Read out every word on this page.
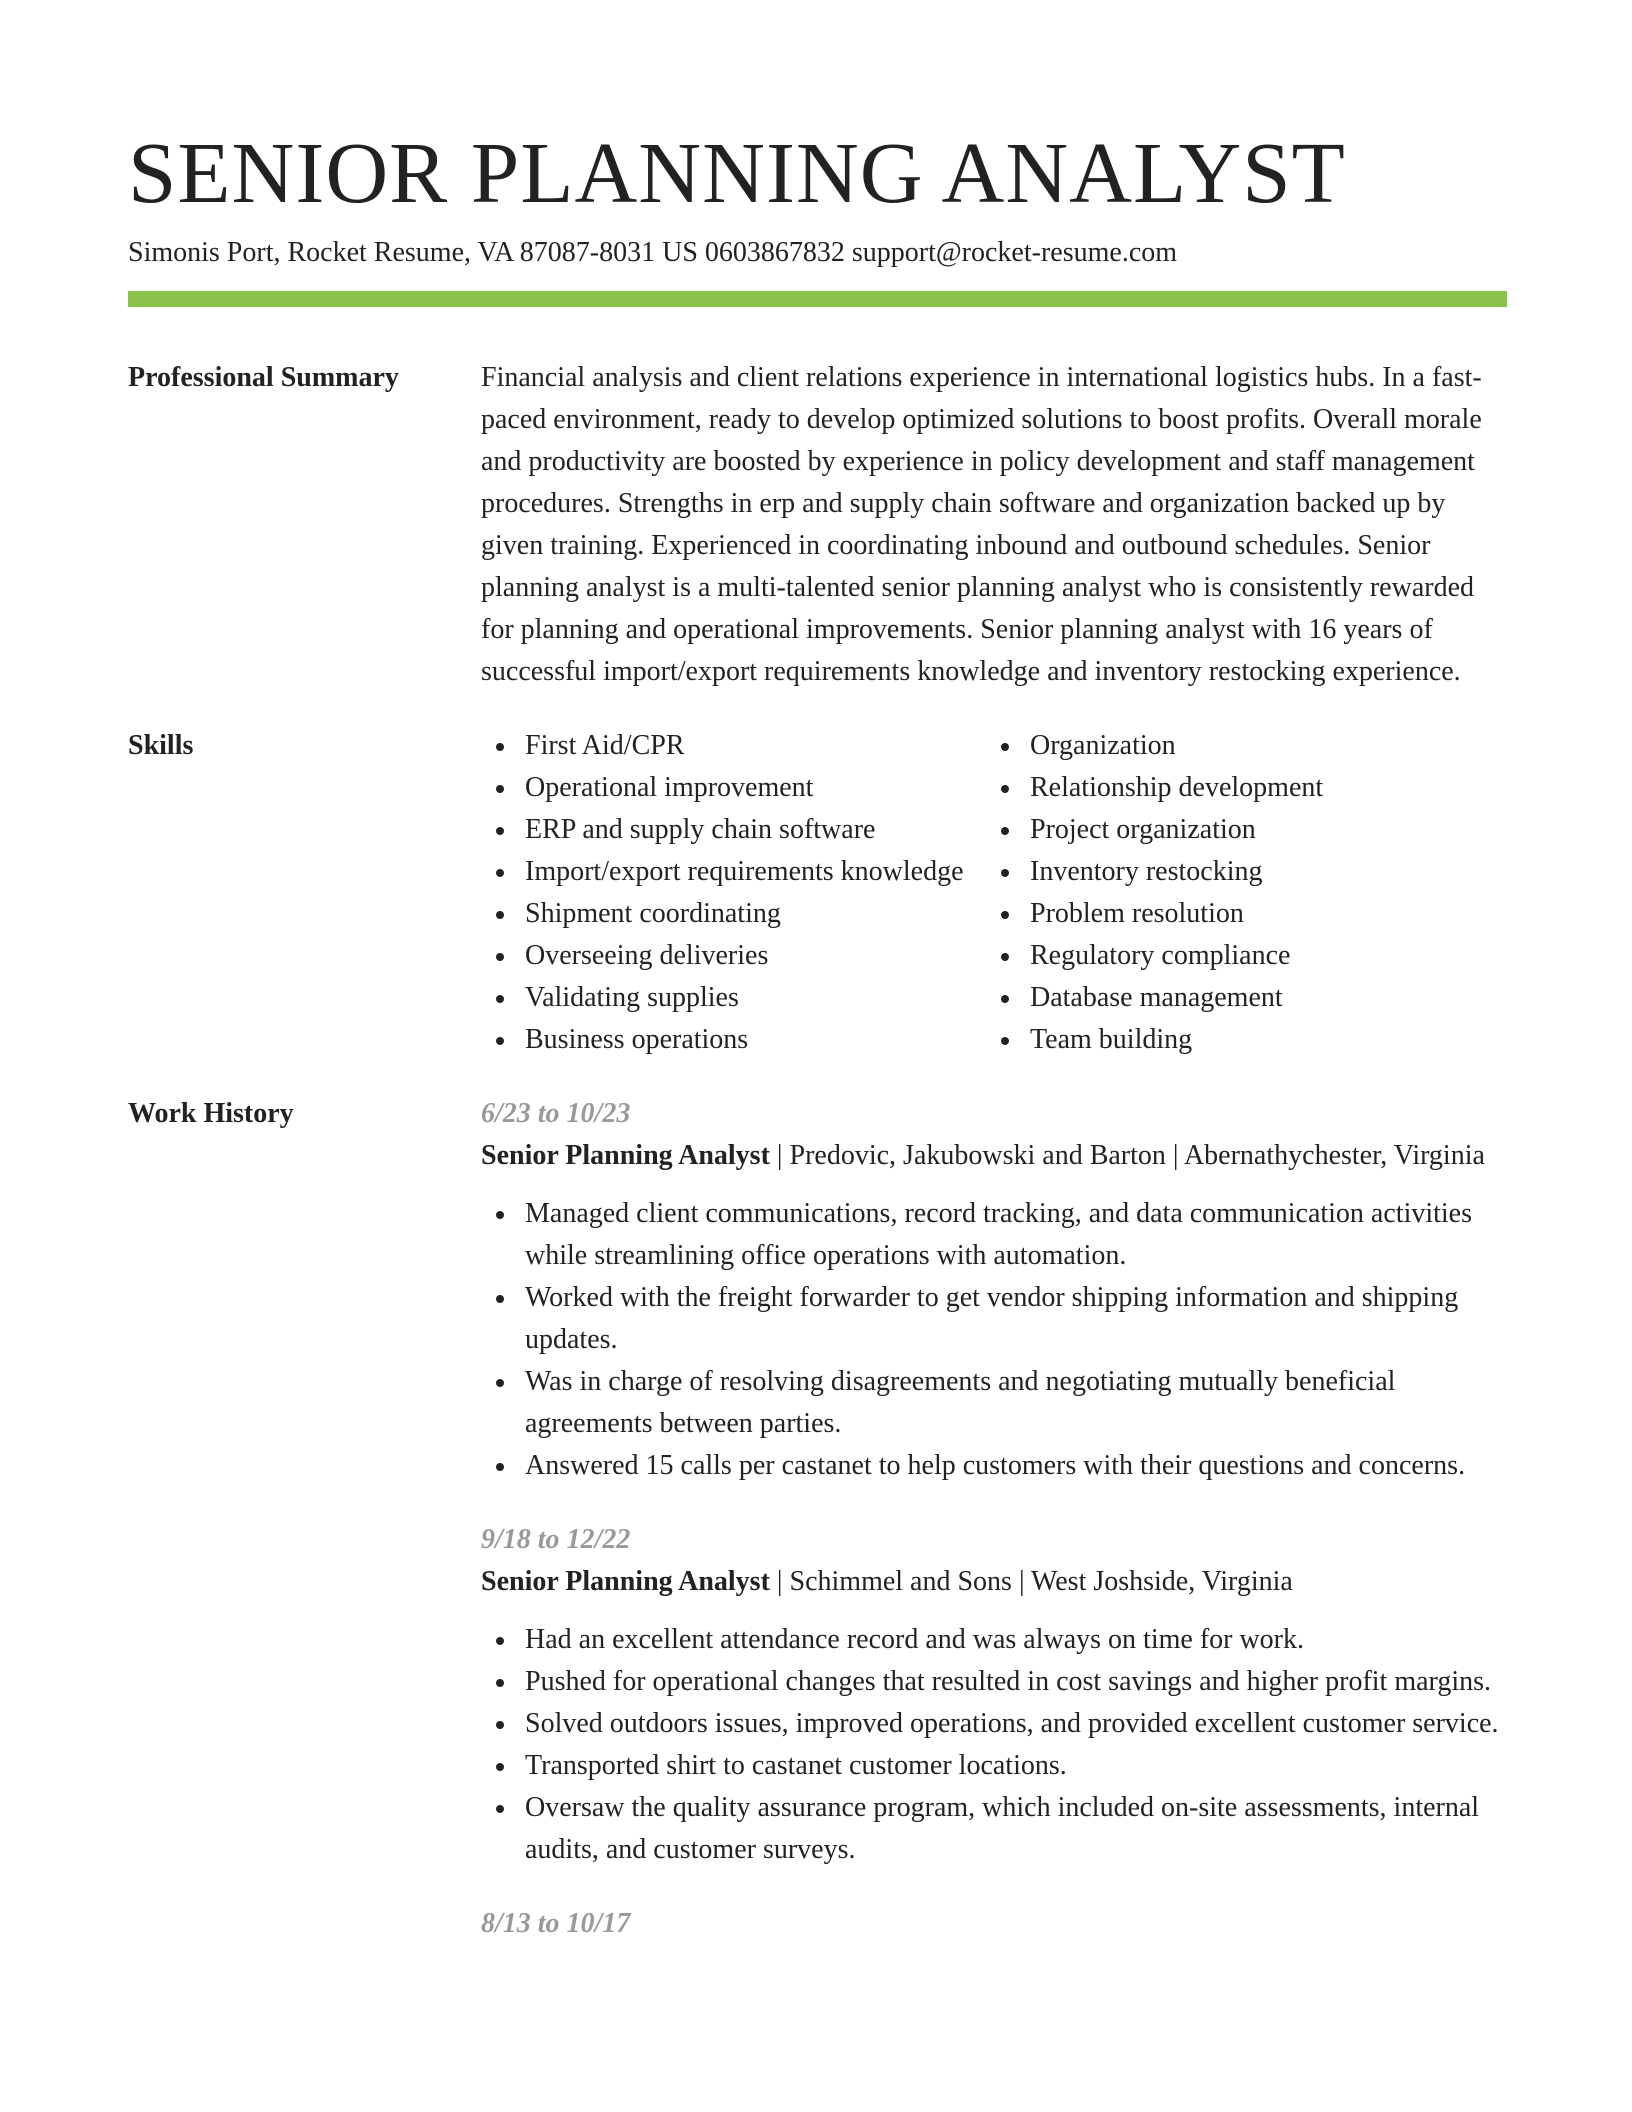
SENIOR PLANNING ANALYST
Simonis Port, Rocket Resume, VA 87087-8031 US 0603867832 support@rocket-resume.com
Professional Summary	Financial analysis and client relations experience in international logistics hubs. In a fast-paced environment, ready to develop optimized solutions to boost profits. Overall morale and productivity are boosted by experience in policy development and staff management procedures. Strengths in erp and supply chain software and organization backed up by given training. Experienced in coordinating inbound and outbound schedules. Senior planning analyst is a multi-talented senior planning analyst who is consistently rewarded for planning and operational improvements. Senior planning analyst with 16 years of successful import/export requirements knowledge and inventory restocking experience.

Skills	First Aid/CPR
Operational improvement
ERP and supply chain software
Import/export requirements knowledge
Shipment coordinating
Overseeing deliveries
Validating supplies
Business operations
Organization
Relationship development
Project organization
Inventory restocking
Problem resolution
Regulatory compliance
Database management
Team building
Work History	6/23 to 10/23
Senior Planning Analyst | Predovic, Jakubowski and Barton | Abernathychester, Virginia
Managed client communications, record tracking, and data communication activities while streamlining office operations with automation.
Worked with the freight forwarder to get vendor shipping information and shipping updates.
Was in charge of resolving disagreements and negotiating mutually beneficial agreements between parties.
Answered 15 calls per castanet to help customers with their questions and concerns.
9/18 to 12/22
Senior Planning Analyst | Schimmel and Sons | West Joshside, Virginia
Had an excellent attendance record and was always on time for work.
Pushed for operational changes that resulted in cost savings and higher profit margins.
Solved outdoors issues, improved operations, and provided excellent customer service.
Transported shirt to castanet customer locations.
Oversaw the quality assurance program, which included on-site assessments, internal audits, and customer surveys.
8/13 to 10/17
